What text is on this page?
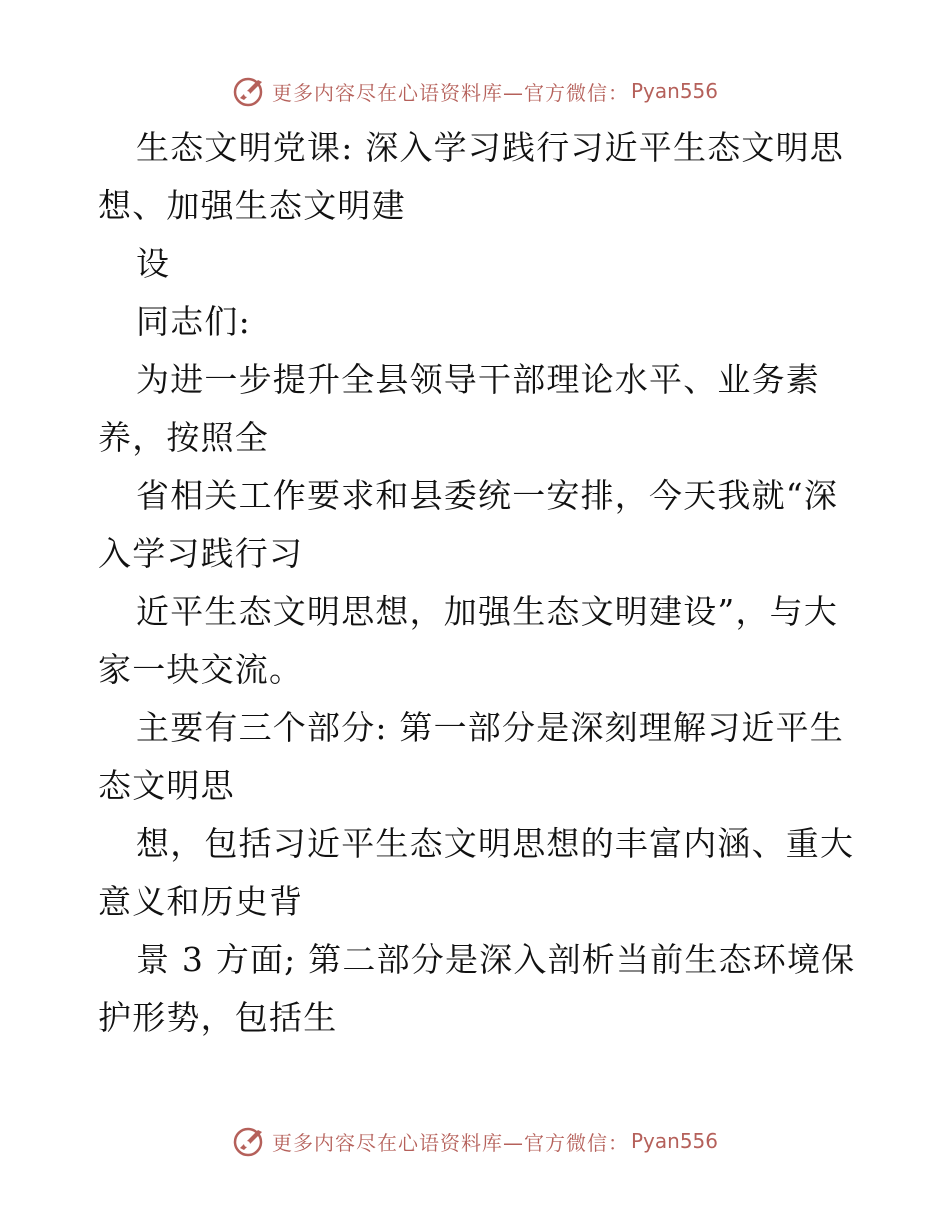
更多内容尽在心语资料库—官方微信： Pyan556
生态文明党课: 深入学习践行习近平生态文明思
想、加强生态文明建
设
同志们:
为进一步提升全县领导干部理论水平、业务素
养，按照全
省相关工作要求和县委统一安排，今天我就“深
入学习践行习
近平生态文明思想，加强生态文明建设”，与大
家一块交流。
主要有三个部分: 第一部分是深刻理解习近平生
态文明思
想，包括习近平生态文明思想的丰富内涵、重大
意义和历史背
景 3 方面; 第二部分是深入剖析当前生态环境保
护形势，包括生
更多内容尽在心语资料库—官方微信： Pyan556
